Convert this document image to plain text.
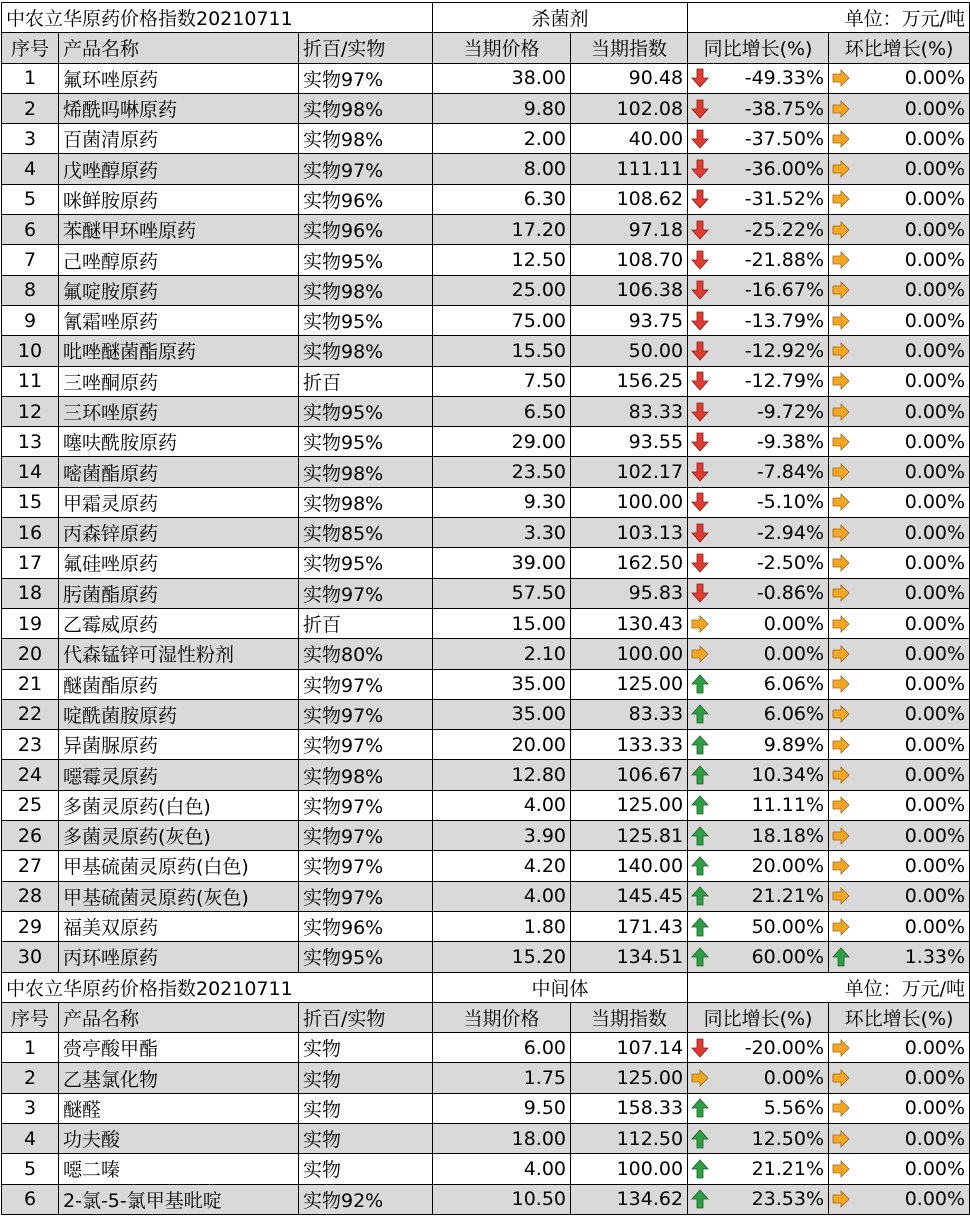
中农立华原药价格指数20210711			杀菌剂		单位：万元/吨	
序号	产品名称	折百/实物	当期价格	当期指数	同比增长(%)	环比增长(%)
1	氟环唑原药	实物97%	38.00	90.48	-49.33%	0.00%
2	烯酰吗啉原药	实物98%	9.80	102.08	-38.75%	0.00%
3	百菌清原药	实物98%	2.00	40.00	-37.50%	0.00%
4	戊唑醇原药	实物97%	8.00	111.11	-36.00%	0.00%
5	咪鲜胺原药	实物96%	6.30	108.62	-31.52%	0.00%
6	苯醚甲环唑原药	实物96%	17.20	97.18	-25.22%	0.00%
7	己唑醇原药	实物95%	12.50	108.70	-21.88%	0.00%
8	氟啶胺原药	实物98%	25.00	106.38	-16.67%	0.00%
9	氰霜唑原药	实物95%	75.00	93.75	-13.79%	0.00%
10	吡唑醚菌酯原药	实物98%	15.50	50.00	-12.92%	0.00%
11	三唑酮原药	折百	7.50	156.25	-12.79%	0.00%
12	三环唑原药	实物95%	6.50	83.33	-9.72%	0.00%
13	噻呋酰胺原药	实物95%	29.00	93.55	-9.38%	0.00%
14	嘧菌酯原药	实物98%	23.50	102.17	-7.84%	0.00%
15	甲霜灵原药	实物98%	9.30	100.00	-5.10%	0.00%
16	丙森锌原药	实物85%	3.30	103.13	-2.94%	0.00%
17	氟硅唑原药	实物95%	39.00	162.50	-2.50%	0.00%
18	肟菌酯原药	实物97%	57.50	95.83	-0.86%	0.00%
19	乙霉威原药	折百	15.00	130.43	0.00%	0.00%
20	代森锰锌可湿性粉剂	实物80%	2.10	100.00	0.00%	0.00%
21	醚菌酯原药	实物97%	35.00	125.00	6.06%	0.00%
22	啶酰菌胺原药	实物97%	35.00	83.33	6.06%	0.00%
23	异菌脲原药	实物97%	20.00	133.33	9.89%	0.00%
24	噁霉灵原药	实物98%	12.80	106.67	10.34%	0.00%
25	多菌灵原药(白色)	实物97%	4.00	125.00	11.11%	0.00%
26	多菌灵原药(灰色)	实物97%	3.90	125.81	18.18%	0.00%
27	甲基硫菌灵原药(白色)	实物97%	4.20	140.00	20.00%	0.00%
28	甲基硫菌灵原药(灰色)	实物97%	4.00	145.45	21.21%	0.00%
29	福美双原药	实物96%	1.80	171.43	50.00%	0.00%
30	丙环唑原药	实物95%	15.20	134.51	60.00%	1.33%
中农立华原药价格指数20210711			中间体		单位：万元/吨	
序号	产品名称	折百/实物	当期价格	当期指数	同比增长(%)	环比增长(%)
1	赍亭酸甲酯	实物	6.00	107.14	-20.00%	0.00%
2	乙基氯化物	实物	1.75	125.00	0.00%	0.00%
3	醚醛	实物	9.50	158.33	5.56%	0.00%
4	功夫酸	实物	18.00	112.50	12.50%	0.00%
5	噁二嗪	实物	4.00	100.00	21.21%	0.00%
6	2-氯-5-氯甲基吡啶	实物92%	10.50	134.62	23.53%	0.00%
